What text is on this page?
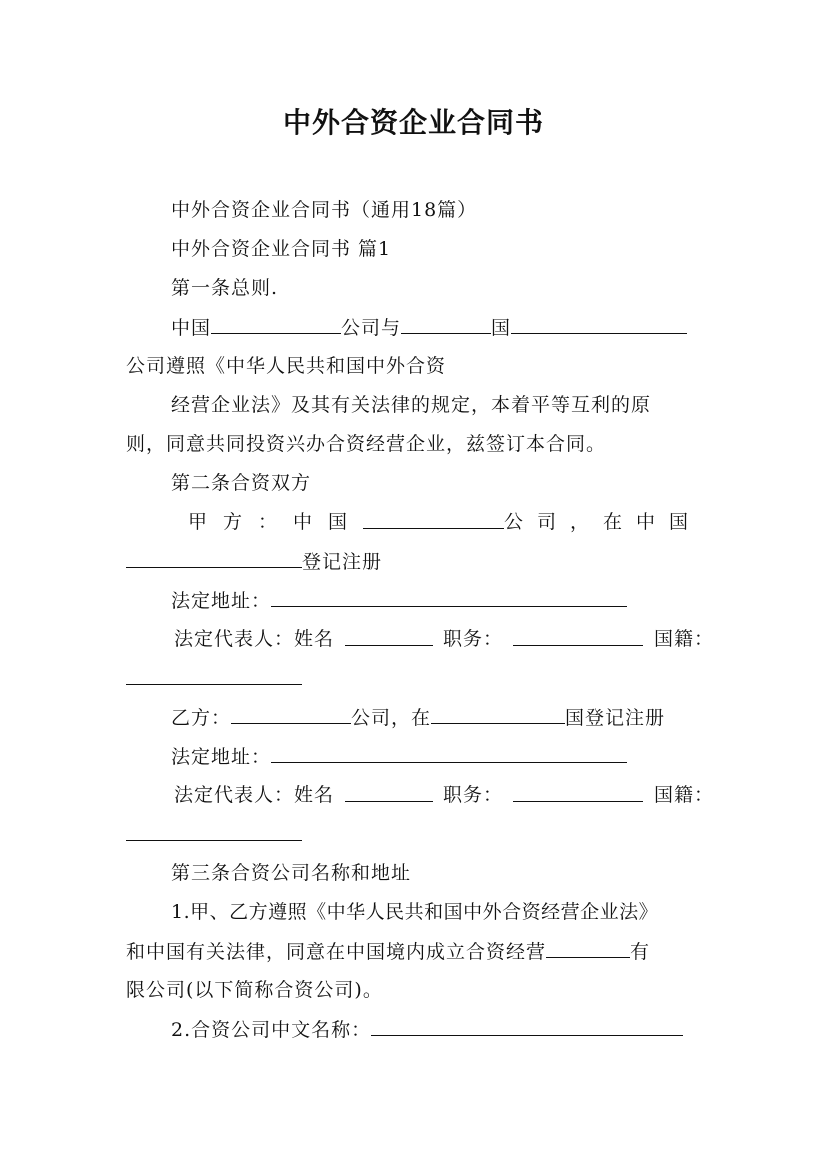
中外合资企业合同书
中外合资企业合同书（通用18篇）
中外合资企业合同书 篇1
第一条总则.
中国	公司与	国
公司遵照《中华人民共和国中外合资
经营企业法》及其有关法律的规定，本着平等互利的原
则，同意共同投资兴办合资经营企业，兹签订本合同。
第二条合资双方
甲方：中国	公司，在中国
登记注册
法定地址：
法定代表人：姓名	职务：	国籍：
乙方：	公司，在	国登记注册
法定地址：
法定代表人：姓名	职务：	国籍：
第三条合资公司名称和地址
1.甲、乙方遵照《中华人民共和国中外合资经营企业法》
和中国有关法律，同意在中国境内成立合资经营	有
限公司(以下简称合资公司)。
2.合资公司中文名称：
